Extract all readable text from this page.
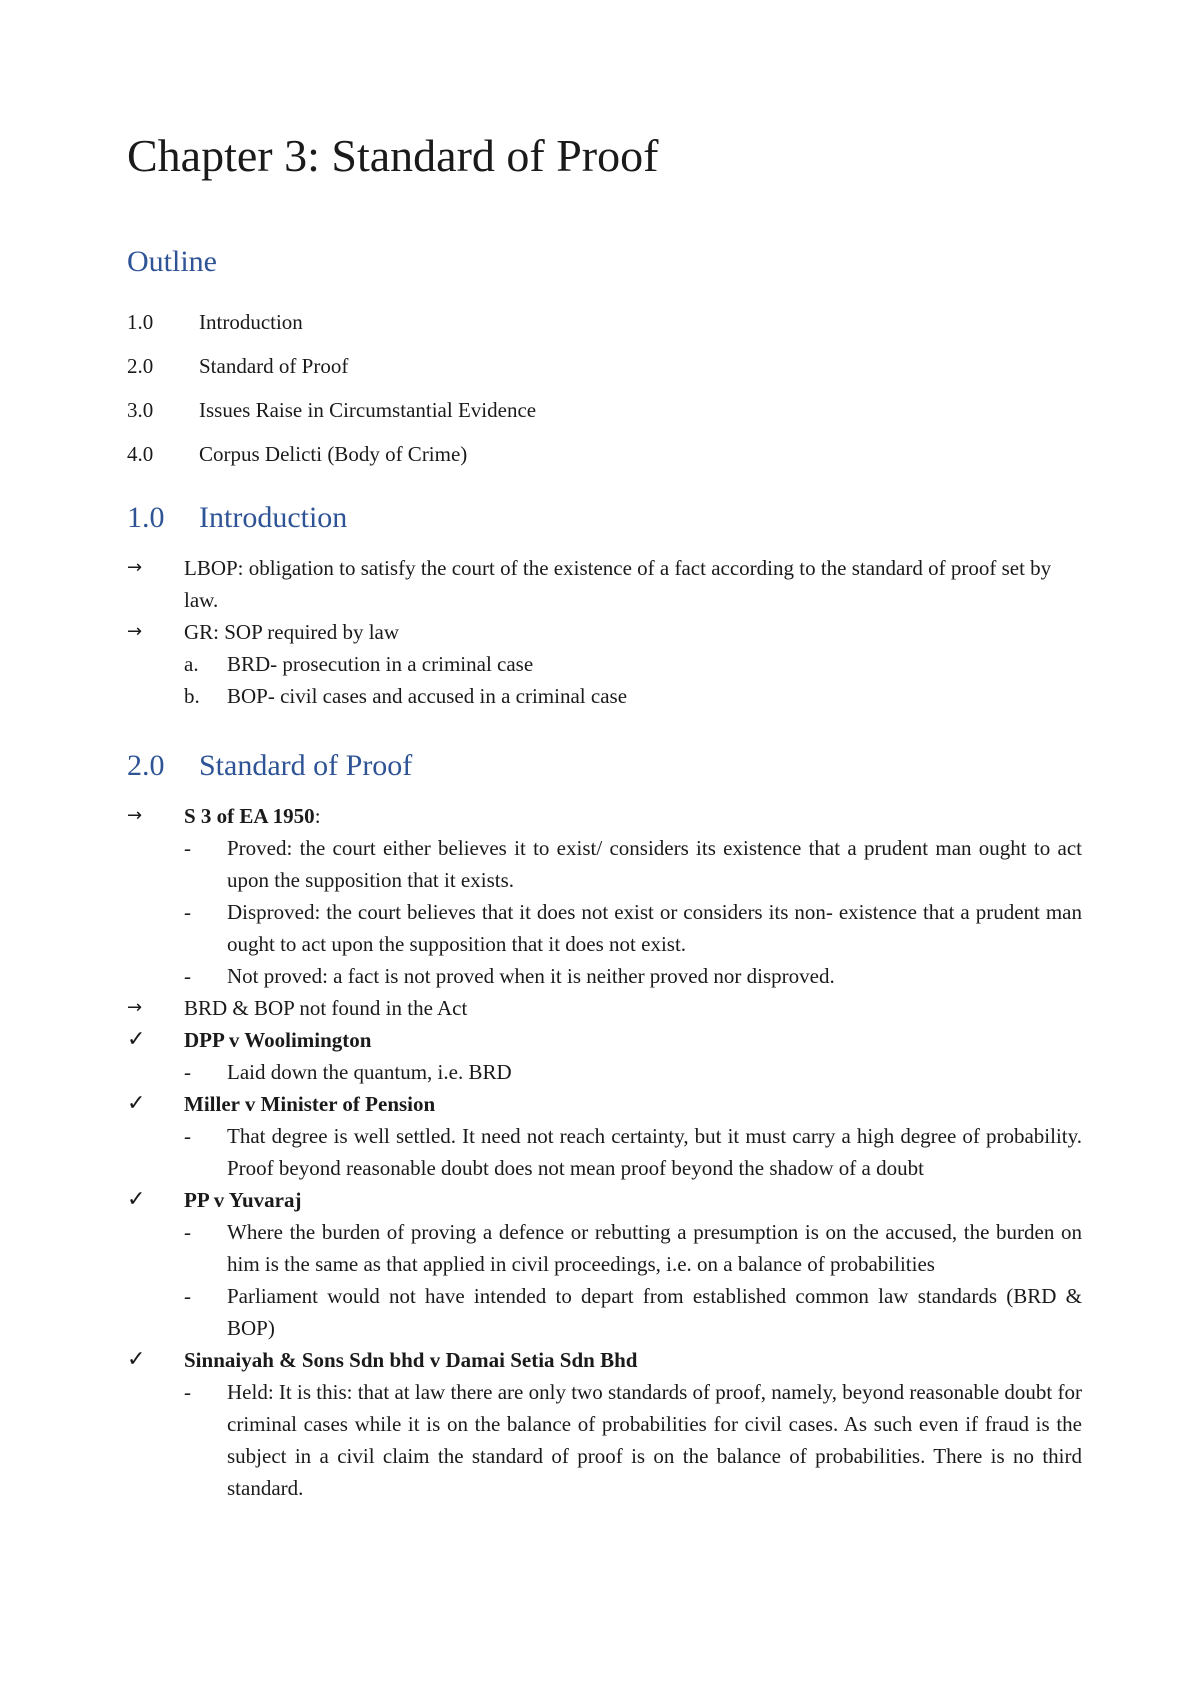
Chapter 3: Standard of Proof
Outline
1.0 Introduction
2.0 Standard of Proof
3.0 Issues Raise in Circumstantial Evidence
4.0 Corpus Delicti (Body of Crime)
1.0 Introduction
→ LBOP: obligation to satisfy the court of the existence of a fact according to the standard of proof set by law.
→ GR: SOP required by law
a. BRD- prosecution in a criminal case
b. BOP- civil cases and accused in a criminal case
2.0 Standard of Proof
→ S 3 of EA 1950:
- Proved: the court either believes it to exist/ considers its existence that a prudent man ought to act upon the supposition that it exists.
- Disproved: the court believes that it does not exist or considers its non- existence that a prudent man ought to act upon the supposition that it does not exist.
- Not proved: a fact is not proved when it is neither proved nor disproved.
→ BRD & BOP not found in the Act
✓ DPP v Woolimington
- Laid down the quantum, i.e. BRD
✓ Miller v Minister of Pension
- That degree is well settled. It need not reach certainty, but it must carry a high degree of probability. Proof beyond reasonable doubt does not mean proof beyond the shadow of a doubt
✓ PP v Yuvaraj
- Where the burden of proving a defence or rebutting a presumption is on the accused, the burden on him is the same as that applied in civil proceedings, i.e. on a balance of probabilities
- Parliament would not have intended to depart from established common law standards (BRD & BOP)
✓ Sinnaiyah & Sons Sdn bhd v Damai Setia Sdn Bhd
- Held: It is this: that at law there are only two standards of proof, namely, beyond reasonable doubt for criminal cases while it is on the balance of probabilities for civil cases. As such even if fraud is the subject in a civil claim the standard of proof is on the balance of probabilities. There is no third standard.
